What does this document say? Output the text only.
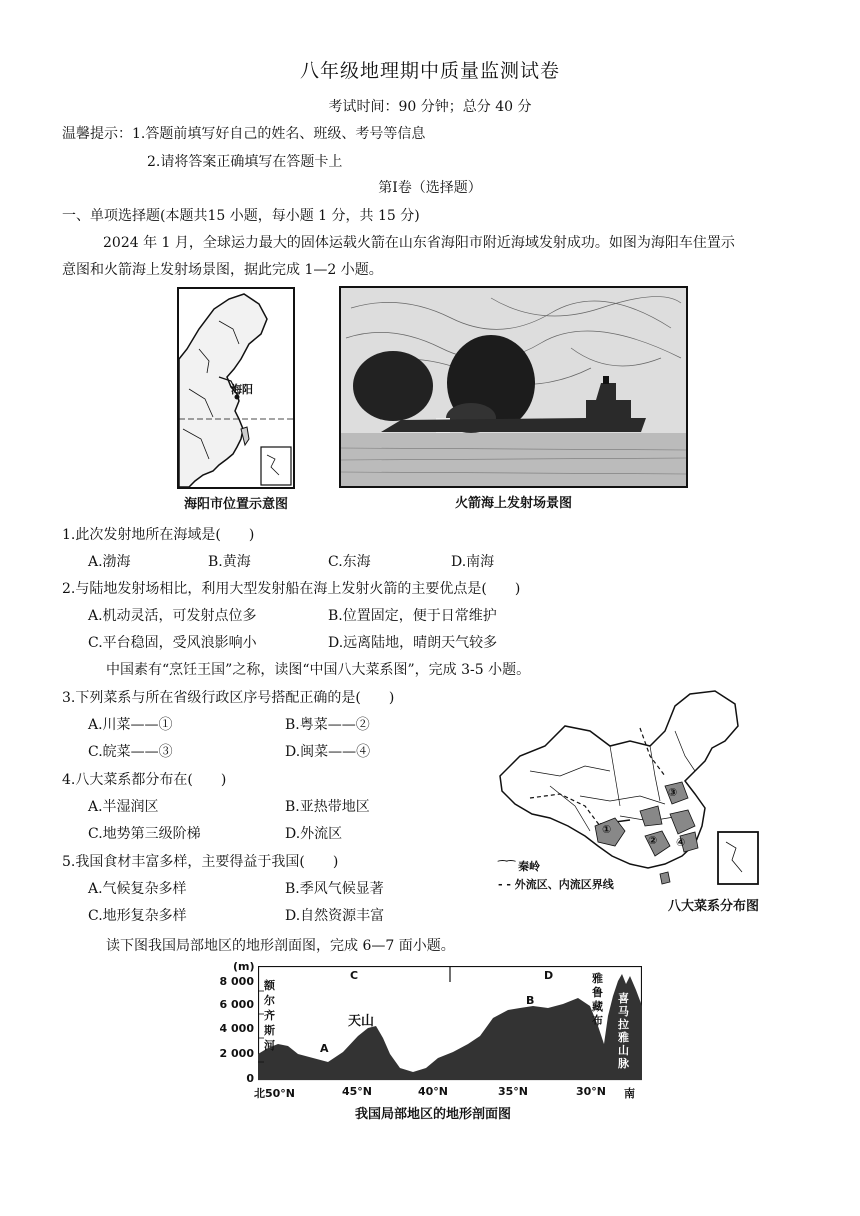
八年级地理期中质量监测试卷
考试时间：90 分钟；总分 40 分
温馨提示：1.答题前填写好自己的姓名、班级、考号等信息
2.请将答案正确填写在答题卡上
第Ⅰ卷（选择题）
一、单项选择题(本题共15 小题，每小题 1 分，共 15 分)
2024 年 1 月，全球运力最大的固体运载火箭在山东省海阳市附近海域发射成功。如图为海阳车住置示
意图和火箭海上发射场景图，据此完成 1—2 小题。
海阳
海阳市位置示意图	火箭海上发射场景图
1.此次发射地所在海域是(　　)
A.渤海	B.黄海	C.东海	D.南海
2.与陆地发射场相比，利用大型发射船在海上发射火箭的主要优点是(　　)
A.机动灵活，可发射点位多	B.位置固定，便于日常维护
C.平台稳固，受风浪影响小	D.远离陆地，晴朗天气较多
中国素有“烹饪王国”之称，读图“中国八大菜系图”，完成 3-5 小题。
3.下列菜系与所在省级行政区序号搭配正确的是(　　)
A.川菜——①	B.粤菜——②
C.皖菜——③	D.闽菜——④
4.八大菜系都分布在(　　)
A.半湿润区	B.亚热带地区
C.地势第三级阶梯	D.外流区
5.我国食材丰富多样，主要得益于我国(　　)
A.气候复杂多样	B.季风气候显著
C.地形复杂多样	D.自然资源丰富
①
②
③
④
⁀⁀ 秦岭
- - 外流区、内流区界线
八大菜系分布图
读下图我国局部地区的地形剖面图，完成 6—7 面小题。
(m)
8 000
6 000
4 000
2 000
0
C	D
A
B
天山
额
尔
齐
斯
河
雅
鲁
藏
布
喜
马
拉
雅
山
脉
北50°N	45°N	40°N	35°N	30°N 南
我国局部地区的地形剖面图
